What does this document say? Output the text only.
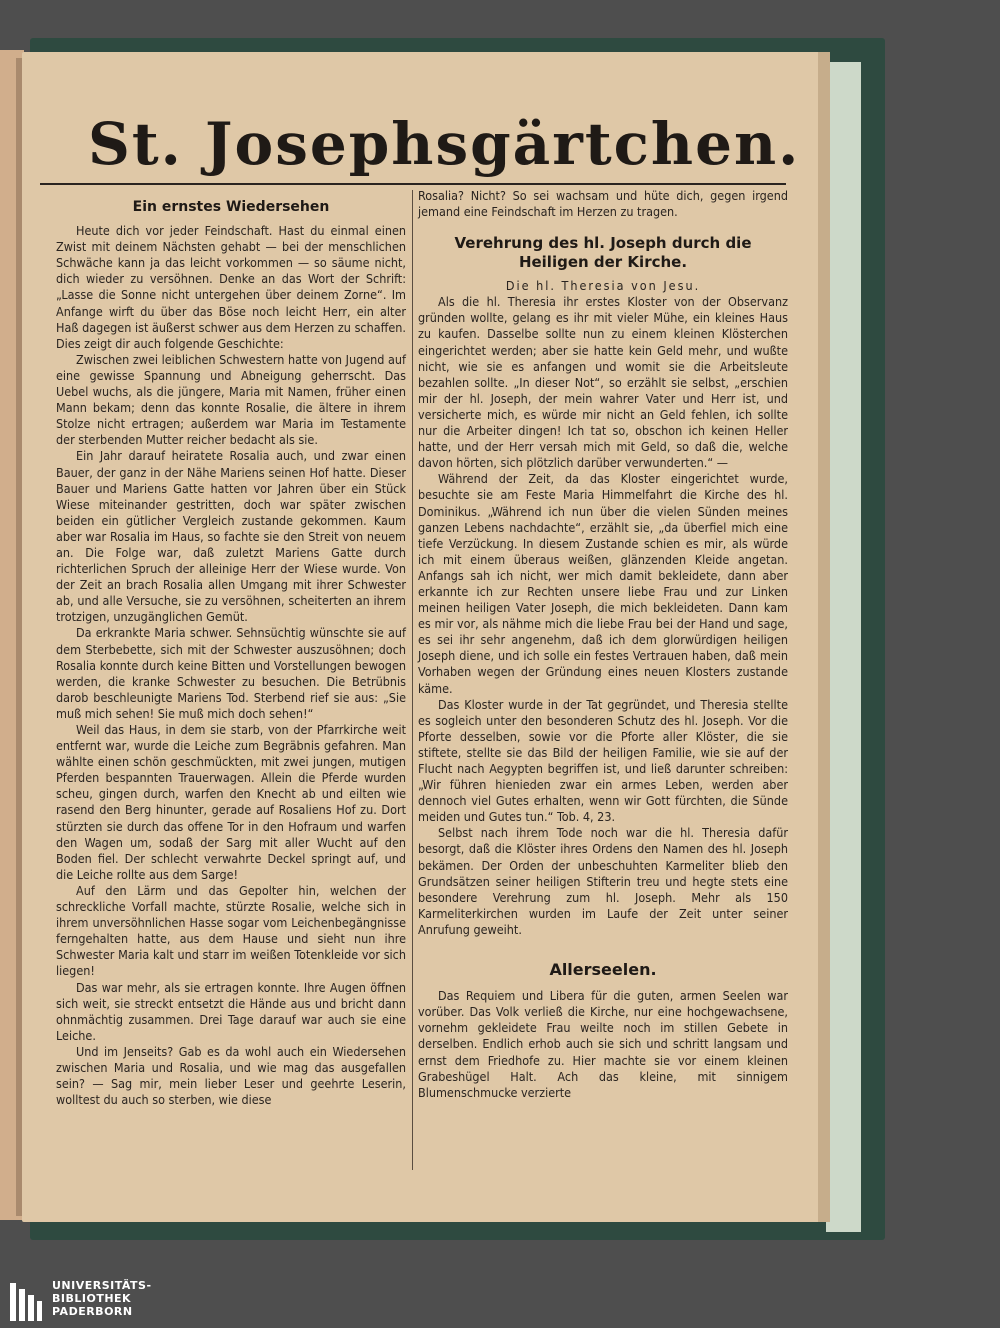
St. Josephsgärtchen.

Ein ernstes Wiedersehen

Heute dich vor jeder Feindschaft. Hast du einmal einen Zwist mit deinem Nächsten gehabt — bei der menschlichen Schwäche kann ja das leicht vorkommen — so säume nicht, dich wieder zu versöhnen. Denke an das Wort der Schrift: „Lasse die Sonne nicht untergehen über deinem Zorne“. Im Anfange wirft du über das Böse noch leicht Herr, ein alter Haß dagegen ist äußerst schwer aus dem Herzen zu schaffen. Dies zeigt dir auch folgende Geschichte:

Zwischen zwei leiblichen Schwestern hatte von Jugend auf eine gewisse Spannung und Abneigung geherrscht. Das Uebel wuchs, als die jüngere, Maria mit Namen, früher einen Mann bekam; denn das konnte Rosalie, die ältere in ihrem Stolze nicht ertragen; außerdem war Maria im Testamente der sterbenden Mutter reicher bedacht als sie.

Ein Jahr darauf heiratete Rosalia auch, und zwar einen Bauer, der ganz in der Nähe Mariens seinen Hof hatte. Dieser Bauer und Mariens Gatte hatten vor Jahren über ein Stück Wiese miteinander gestritten, doch war später zwischen beiden ein gütlicher Vergleich zustande gekommen. Kaum aber war Rosalia im Haus, so fachte sie den Streit von neuem an. Die Folge war, daß zuletzt Mariens Gatte durch richterlichen Spruch der alleinige Herr der Wiese wurde. Von der Zeit an brach Rosalia allen Umgang mit ihrer Schwester ab, und alle Versuche, sie zu versöhnen, scheiterten an ihrem trotzigen, unzugänglichen Gemüt.

Da erkrankte Maria schwer. Sehnsüchtig wünschte sie auf dem Sterbebette, sich mit der Schwester auszusöhnen; doch Rosalia konnte durch keine Bitten und Vorstellungen bewogen werden, die kranke Schwester zu besuchen. Die Betrübnis darob beschleunigte Mariens Tod. Sterbend rief sie aus: „Sie muß mich sehen! Sie muß mich doch sehen!“

Weil das Haus, in dem sie starb, von der Pfarrkirche weit entfernt war, wurde die Leiche zum Begräbnis gefahren. Man wählte einen schön geschmückten, mit zwei jungen, mutigen Pferden bespannten Trauerwagen. Allein die Pferde wurden scheu, gingen durch, warfen den Knecht ab und eilten wie rasend den Berg hinunter, gerade auf Rosaliens Hof zu. Dort stürzten sie durch das offene Tor in den Hofraum und warfen den Wagen um, sodaß der Sarg mit aller Wucht auf den Boden fiel. Der schlecht verwahrte Deckel springt auf, und die Leiche rollte aus dem Sarge!

Auf den Lärm und das Gepolter hin, welchen der schreckliche Vorfall machte, stürzte Rosalie, welche sich in ihrem unversöhnlichen Hasse sogar vom Leichenbegängnisse ferngehalten hatte, aus dem Hause und sieht nun ihre Schwester Maria kalt und starr im weißen Totenkleide vor sich liegen!

Das war mehr, als sie ertragen konnte. Ihre Augen öffnen sich weit, sie streckt entsetzt die Hände aus und bricht dann ohnmächtig zusammen. Drei Tage darauf war auch sie eine Leiche.

Und im Jenseits? Gab es da wohl auch ein Wiedersehen zwischen Maria und Rosalia, und wie mag das ausgefallen sein? — Sag mir, mein lieber Leser und geehrte Leserin, wolltest du auch so sterben, wie diese

Rosalia? Nicht? So sei wachsam und hüte dich, gegen irgend jemand eine Feindschaft im Herzen zu tragen.

Verehrung des hl. Joseph durch die Heiligen der Kirche.

Die hl. Theresia von Jesu.

Als die hl. Theresia ihr erstes Kloster von der Observanz gründen wollte, gelang es ihr mit vieler Mühe, ein kleines Haus zu kaufen. Dasselbe sollte nun zu einem kleinen Klösterchen eingerichtet werden; aber sie hatte kein Geld mehr, und wußte nicht, wie sie es anfangen und womit sie die Arbeitsleute bezahlen sollte. „In dieser Not“, so erzählt sie selbst, „erschien mir der hl. Joseph, der mein wahrer Vater und Herr ist, und versicherte mich, es würde mir nicht an Geld fehlen, ich sollte nur die Arbeiter dingen! Ich tat so, obschon ich keinen Heller hatte, und der Herr versah mich mit Geld, so daß die, welche davon hörten, sich plötzlich darüber verwunderten.“ —

Während der Zeit, da das Kloster eingerichtet wurde, besuchte sie am Feste Maria Himmelfahrt die Kirche des hl. Dominikus. „Während ich nun über die vielen Sünden meines ganzen Lebens nachdachte“, erzählt sie, „da überfiel mich eine tiefe Verzückung. In diesem Zustande schien es mir, als würde ich mit einem überaus weißen, glänzenden Kleide angetan. Anfangs sah ich nicht, wer mich damit bekleidete, dann aber erkannte ich zur Rechten unsere liebe Frau und zur Linken meinen heiligen Vater Joseph, die mich bekleideten. Dann kam es mir vor, als nähme mich die liebe Frau bei der Hand und sage, es sei ihr sehr angenehm, daß ich dem glorwürdigen heiligen Joseph diene, und ich solle ein festes Vertrauen haben, daß mein Vorhaben wegen der Gründung eines neuen Klosters zustande käme.

Das Kloster wurde in der Tat gegründet, und Theresia stellte es sogleich unter den besonderen Schutz des hl. Joseph. Vor die Pforte desselben, sowie vor die Pforte aller Klöster, die sie stiftete, stellte sie das Bild der heiligen Familie, wie sie auf der Flucht nach Aegypten begriffen ist, und ließ darunter schreiben: „Wir führen hienieden zwar ein armes Leben, werden aber dennoch viel Gutes erhalten, wenn wir Gott fürchten, die Sünde meiden und Gutes tun.“ Tob. 4, 23.

Selbst nach ihrem Tode noch war die hl. Theresia dafür besorgt, daß die Klöster ihres Ordens den Namen des hl. Joseph bekämen. Der Orden der unbeschuhten Karmeliter blieb den Grundsätzen seiner heiligen Stifterin treu und hegte stets eine besondere Verehrung zum hl. Joseph. Mehr als 150 Karmeliterkirchen wurden im Laufe der Zeit unter seiner Anrufung geweiht.

Allerseelen.

Das Requiem und Libera für die guten, armen Seelen war vorüber. Das Volk verließ die Kirche, nur eine hochgewachsene, vornehm gekleidete Frau weilte noch im stillen Gebete in derselben. Endlich erhob auch sie sich und schritt langsam und ernst dem Friedhofe zu. Hier machte sie vor einem kleinen Grabeshügel Halt. Ach das kleine, mit sinnigem Blumenschmucke verzierte

UNIVERSITÄTS-
BIBLIOTHEK
PADERBORN
